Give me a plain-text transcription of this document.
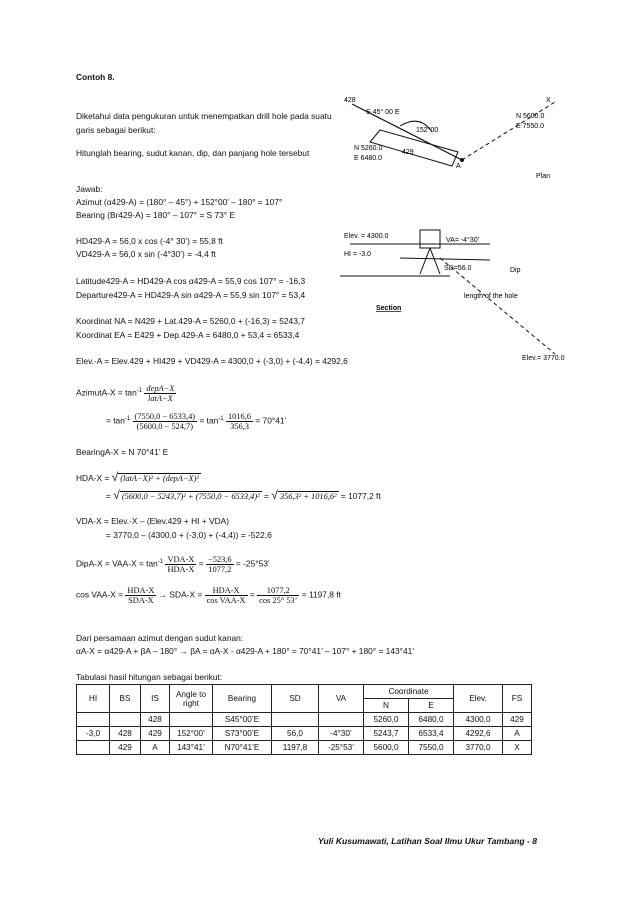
Contoh 8.
Diketahui data pengukuran untuk menempatkan drill hole pada suatu garis sebagai berikut:
Hitunglah bearing, sudut kanan, dip, dan panjang hole tersebut
Jawab:
Azimut (α429-A) = (180° – 45°) + 152°00’ – 180° = 107°
Bearing (Br429-A) = 180° – 107° = S 73° E
HD429-A = 56,0 x cos (-4° 30’) = 55,8 ft
VD429-A = 56,0 x sin (-4°30’) = -4,4 ft
Latitude429-A = HD429-A cos α429-A = 55,9 cos 107° = -16,3
Departure429-A = HD429-A sin α429-A = 55,9 sin 107° = 53,4
Koordinat NA = N429 + Lat.429-A = 5260,0 + (-16,3) = 5243,7
Koordinat EA = E429 + Dep.429-A = 6480,0 + 53,4 = 6533,4
Elev.-A = Elev.429 + HI429 + VD429-A = 4300,0 + (-3,0) + (-4,4) = 4292,6
AzimutA-X = $\tan^{-1} \frac{\text{depA−X}}{\text{latA−X}}$
= $\tan^{-1} \frac{(7550,0 - 6533,4)}{(5600,0 - 524,7)} = \tan^{-1} \frac{1016,6}{356,3} = 70^\circ 41$’
BearingA-X = N 70°41’ E
HDA-X = √ (latA−X)² + (depA−X)²
= √ (5600,0 − 5243,7)² + (7550,0 − 6533,4)² = √ 356,3² + 1016,6² = 1077,2 ft
VDA-X = Elev.-X – (Elev.429 + HI + VDA)
= 3770,0 – (4300,0 + (-3,0) + (-4,4)) = -522,6
DipA-X = $VAA-X = \tan^{-1} \frac{\text{VDA-X}}{\text{HDA-X}} = \frac{-523,6}{1077,2} = -25^\circ 53$’
$\cos VAA-X = \frac{\text{HDA-X}}{\text{SDA-X}} \to SDA-X = \frac{\text{HDA-X}}{\text{cos VAA-X}} = \frac{1077,2}{\cos 25^\circ 53’} = 1197,8$ ft
Dari persamaan azimut dengan sudut kanan:
αA-X = α429-A + βA – 180° → βA = αA-X - α429-A + 180° = 70°41’ – 107° + 180° = 143°41’
Tabulasi hasil hitungan sebagai berikut:
HI	BS	IS	Angle to right	Bearing	SD	VA	Coordinate		Elev.	FS
							N	E		
		428		S45°00’E			5260,0	6480,0	4300,0	429
-3,0	428	429	152°00’	S73°00’E	56,0	-4°30’	5243,7	6533,4	4292,6	A
	429	A	143°41’	N70°41’E	1197,8	-25°53’	5600,0	7550,0	3770,0	X
428
S 45° 00 E
152°00
N 5260.0
E 6480.0
429
A
X
N 5600.0
E 7550.0
Plan
Elev. = 4300.0
HI = -3.0
VA= -4°30'
SD=56.0	Dip
length of the hole
Section
Elev.= 3770.0
Yuli Kusumawati, Latihan Soal Ilmu Ukur Tambang - 8
